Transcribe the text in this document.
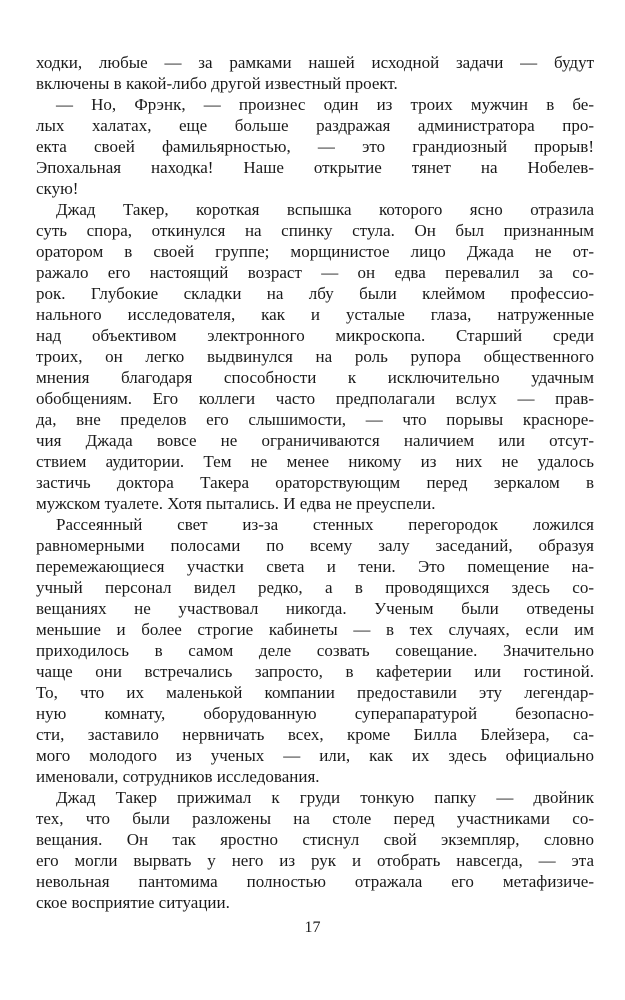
ходки, любые — за рамками нашей исходной задачи — будут
включены в какой-либо другой известный проект.
— Но, Фрэнк, — произнес один из троих мужчин в бе-
лых халатах, еще больше раздражая администратора про-
екта своей фамильярностью, — это грандиозный прорыв!
Эпохальная находка! Наше открытие тянет на Нобелев-
скую!
Джад Такер, короткая вспышка которого ясно отразила
суть спора, откинулся на спинку стула. Он был признанным
оратором в своей группе; морщинистое лицо Джада не от-
ражало его настоящий возраст — он едва перевалил за со-
рок. Глубокие складки на лбу были клеймом профессио-
нального исследователя, как и усталые глаза, натруженные
над объективом электронного микроскопа. Старший среди
троих, он легко выдвинулся на роль рупора общественного
мнения благодаря способности к исключительно удачным
обобщениям. Его коллеги часто предполагали вслух — прав-
да, вне пределов его слышимости, — что порывы красноре-
чия Джада вовсе не ограничиваются наличием или отсут-
ствием аудитории. Тем не менее никому из них не удалось
застичь доктора Такера ораторствующим перед зеркалом в
мужском туалете. Хотя пытались. И едва не преуспели.
Рассеянный свет из-за стенных перегородок ложился
равномерными полосами по всему залу заседаний, образуя
перемежающиеся участки света и тени. Это помещение на-
учный персонал видел редко, а в проводящихся здесь со-
вещаниях не участвовал никогда. Ученым были отведены
меньшие и более строгие кабинеты — в тех случаях, если им
приходилось в самом деле созвать совещание. Значительно
чаще они встречались запросто, в кафетерии или гостиной.
То, что их маленькой компании предоставили эту легендар-
ную комнату, оборудованную суперапаратурой безопасно-
сти, заставило нервничать всех, кроме Билла Блейзера, са-
мого молодого из ученых — или, как их здесь официально
именовали, сотрудников исследования.
Джад Такер прижимал к груди тонкую папку — двойник
тех, что были разложены на столе перед участниками со-
вещания. Он так яростно стиснул свой экземпляр, словно
его могли вырвать у него из рук и отобрать навсегда, — эта
невольная пантомима полностью отражала его метафизиче-
ское восприятие ситуации.
17
